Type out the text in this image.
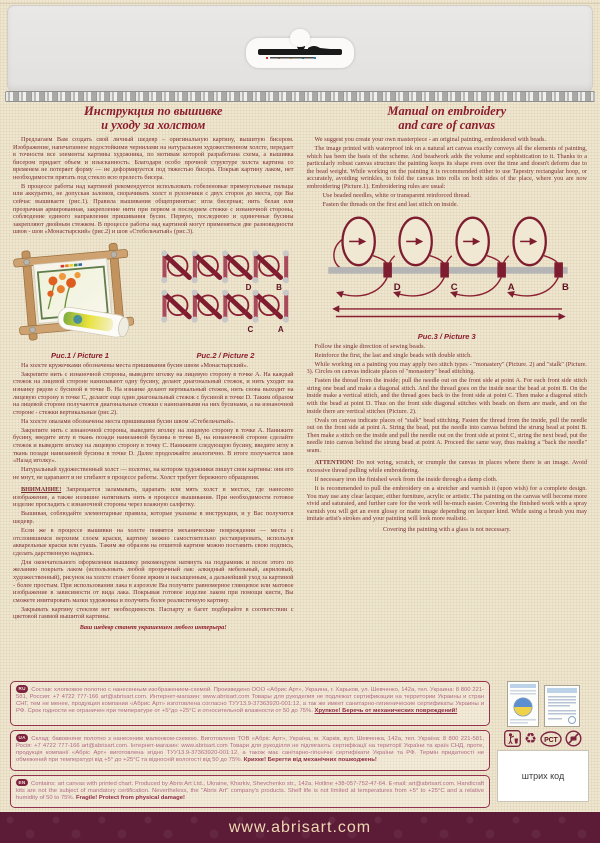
Инструкция по вышивке
и уходу за холстом

Предлагаем Вам создать свой личный шедевр – оригинальную картину, вышитую бисером. Изображение, напечатанное водостойкими чернилами на натуральном художественном холсте, передает в точности все элементы картины художника, по мотивам которой разработана схема, а вышивка бисером придает объем и изысканность. Благодаря особо прочной структуре холста картина со временем не потеряет форму — не деформируется под тяжестью бисера. Покрыв картину лаком, нет необходимости прятать под стекло всю прелесть бисера.

В процессе работы над картиной рекомендуется использовать гобеленовые прямоугольные пяльцы или аккуратно, не допуская заломов, сворачивать холст в рулончики с двух сторон до места, где Вы сейчас вышиваете (рис.1). Правила вышивания общепринятые: игла бисерная; нить белая или прозрачная армированная, закрепление нити при первом и последнем стежке с изнаночной стороны, соблюдение единого направления пришивания бусин. Первую, последнюю и одиночные бусины закрепляют двойным стежком. В процессе работы над картиной могут применяться две разновидности швов - шов «Монастырский» (рис.2) и шов «Стебельчатый» (рис.3).

Рис.1 / Picture 1
D	B
C	A
Рис.2 / Picture 2

На холсте кружочками обозначены места пришивания бусин швом «Монастырский».

Закрепите нить с изнаночной стороны, выведите иголку на лицевую сторону в точке А. На каждый стежок на лицевой стороне нанизывают одну бусину, делают диагональный стежок, и нить уходит на изнанку рядом с бусиной в точке В. На изнанке делают вертикальный стежок, нить снова выходит на лицевую сторону в точке С, делают еще один диагональный стежок с бусиной в точке D. Таким образом на лицевой стороне получаются диагональные стежки с нанизанными на них бусинами, а на изнаночной стороне - стежки вертикальные (рис.2).

На холсте овалами обозначены места пришивания бусин швом «Стебельчатый».

Закрепите нить с изнаночной стороны, выведите иголку на лицевую сторону в точке А. Нанижите бусину, введите иглу в ткань позади нанизанной бусины в точке В, на изнаночной стороне сделайте стежок и выведите иголку на лицевую сторону в точку С. Нанижите следующую бусину, введите иглу в ткань позади нанизанной бусины в точке D. Далее продолжайте аналогично. В итоге получается шов «Назад иголку».

Натуральный художественный холст — полотно, на котором художники пишут свои картины: они его не мнут, не царапают и не сгибают в процессе работы. Холст требует бережного обращения.

ВНИМАНИЕ! Запрещается заламывать, царапать или мять холст в местах, где нанесено изображение, а также излишне натягивать нить в процессе вышивания. При необходимости готовое изделие прогладить с изнаночной стороны через влажную салфетку.

Вышивая, соблюдайте элементарные правила, которые указаны в инструкции, и у Вас получится шедевр.

Если же в процессе вышивки на холсте появятся механические повреждения — места с отслоившимся верхним слоем краски, картину можно самостоятельно реставрировать, используя акварельные краски или гуашь. Таким же образом на отшитой картине можно поставить свою подпись, сделать дарственную надпись.

Для окончательного оформления вышивку рекомендуем натянуть на подрамник и после этого по желанию покрыть лаком (использовать любой прозрачный лак: алкидный мебельный, акриловый, художественный), рисунок на холсте станет более ярким и насыщенным, а дальнейший уход за картиной - более простым. При использовании лака в аэрозоле Вы получите равномерное глянцевое или матовое изображение в зависимости от вида лака. Покрывая готовое изделие лаком при помощи кисти, Вы сможете имитировать мазки художника и получить более реалистичную картину.

Закрывать картину стеклом нет необходимости. Паспарту и багет подбирайте в соответствии с цветовой гаммой вышитой картины.

Ваш шедевр станет украшением любого интерьера!

Manual on embroidery
and care of canvas

We suggest you create your own masterpiece - an original painting, embroidered with beads.

The image printed with waterproof ink on a natural art canvas exactly conveys all the elements of painting, which has been the basis of the scheme. And beadwork adds the volume and sophistication to it. Thanks to a particularly robust canvas structure the painting keeps its shape even over the time and doesn't deform due to the bead weight. While working on the painting it is recommended either to use Tapestry rectangular hoop, or accurately, avoiding wrinkles, to fold the canvas into rolls on both sides of the place, where you are now embroidering (Picture.1). Embroidering rules are usual:

Use beaded needles, white or transparent reinforced thread.

Fasten the threads on the first and last stitch on inside.

D	C	A	B
Рис.3 / Picture 3

Follow the single direction of sewing beads.

Reinforce the first, the last and single beads with double stitch.

While working on a painting you may apply two stitch types - "monastery" (Picture. 2) and "stalk" (Picture. 3). Circles on canvas indicate places of "monastery" bead stitching.

Fasten the thread from the inside; pull the needle out on the front side at point A. For each front side stitch string one bead and make a diagonal stitch. And the thread goes on the inside near the bead at point B. On the inside make a vertical stitch, and the thread goes back to the front side at point C. Then make a diagonal stitch with the bead at point D. Thus on the front side diagonal stitches with beads on them are made, and on the inside there are vertical stitches (Picture. 2).

Ovals on canvas indicate places of "stalk" bead stitching. Fasten the thread from the inside, pull the needle out on the front side at point A. String the bead, put the needle into canvas behind the strung bead at point B. Then make a stitch on the inside and pull the needle out on the front side at point C, string the next bead, put the needle into canvas behind the strung bead at point A. Proceed the same way, thus making a "back the needle" seam.

ATTENTION! Do not wring, scratch, or crumple the canvas in places where there is an image. Avoid excessive thread pulling while embroidering.

If necessary iron the finished work from the inside through a damp cloth.

It is recommended to pull the embroidery on a stretcher and varnish it (upon wish) for a complete design. You may use any clear lacquer, either furniture, acrylic or artistic. The painting on the canvas will become more vivid and saturated, and further care for the work will be-much easier. Covering the finished work with a spray varnish you will get an even glossy or matte image depending on lacquer kind. While using a brush you may imitate artist's strokes and your painting will look more realistic.

Covering the painting with a glass is not necessary.

RU Состав: хлопковое полотно с нанесенным изображением-схемой. Произведено ООО «Абрис Арт», Украина, г. Харьков, ул. Шевченко, 142а, тел. Украина: 8 800 221-581, Россия: +7 4722 777-166 art@abrisart.com. Интернет-магазин: www.abrisart.com Товары для рукоделия не подлежат сертификации на территории Украины и стран СНГ, тем не менее, продукция компании «Абрис Арт» изготовлена согласно ТУУ13.9-37363920-001:12, а так же имеет санитарно-гигиенические сертификаты Украины и РФ. Срок годности не ограничен при температуре от +5°до +25°С и относительной влажности от 50 до 75%. Хрупкое! Беречь от механических повреждений!
UA Склад: бавовняне полотно з нанесеним малюнком-схемою. Виготовлено ТОВ «Абріс Арт», Україна, м. Харків, вул. Шевченка, 142а, тел. Україна: 8 800 221-581, Росія: +7 4722 777-166 art@abrisart.com. Інтернет-магазин: www.abrisart.com Товари для рукоділля не підлягають сертифікації на території України та країн СНД, проте, продукція компанії «Абріс Арт» виготовлена згідно ТУУ13.9-37363920-001:12, а також має санітарно-гігієнічні сертифікати України та РФ. Термін придатності не обмежений при температурі від +5° до +25°С та відносній вологості від 50 до 75%. Крихке! Берегти від механічних пошкоджень!
EN Contains: art canvas with printed chart. Produced by Abris Art Ltd., Ukraine, Kharkiv, Shevchenko str., 142a. Hotline +38-057-752-47-64. E-mail: art@abrisart.com. Handicraft kits are not the subject of mandatory certification. Nevertheless, the "Abris Art" company's products. Shelf life is not limited at temperatures from +5° to +25°C and a relative humidity of 50 to 75%. Fragile! Protect from physical damage!
♻ РСТ
штрих код
www.abrisart.com
